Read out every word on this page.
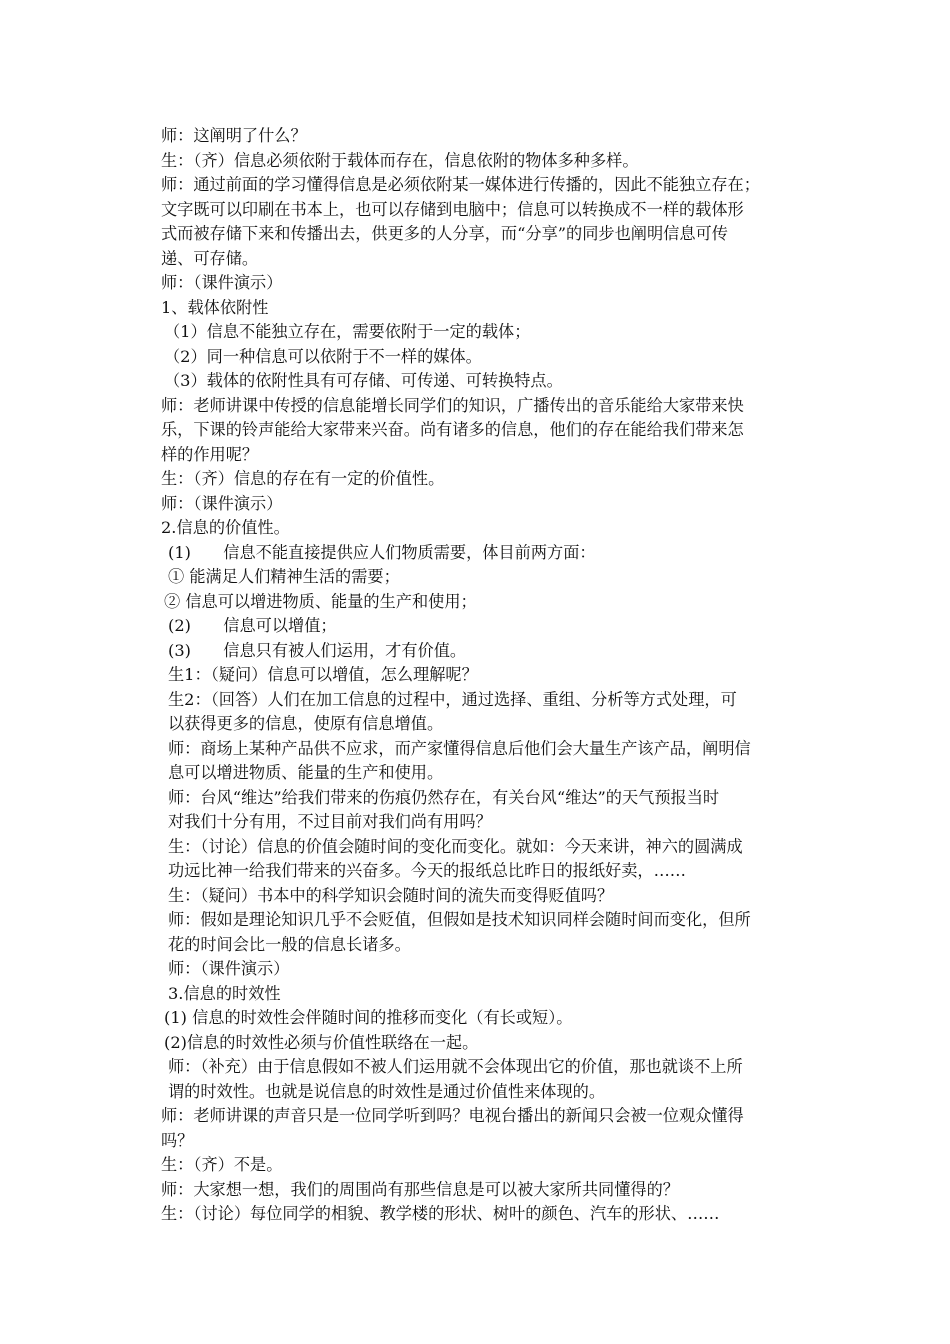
师：这阐明了什么？
生：（齐）信息必须依附于载体而存在，信息依附的物体多种多样。
师：通过前面的学习懂得信息是必须依附某一媒体进行传播的，因此不能独立存在；
文字既可以印刷在书本上，也可以存储到电脑中；信息可以转换成不一样的载体形
式而被存储下来和传播出去，供更多的人分享，而“分享”的同步也阐明信息可传
递、可存储。
师：（课件演示）
1、载体依附性
（1）信息不能独立存在，需要依附于一定的载体；
（2）同一种信息可以依附于不一样的媒体。
（3）载体的依附性具有可存储、可传递、可转换特点。
师：老师讲课中传授的信息能增长同学们的知识，广播传出的音乐能给大家带来快
乐，下课的铃声能给大家带来兴奋。尚有诸多的信息，他们的存在能给我们带来怎
样的作用呢？
生：（齐）信息的存在有一定的价值性。
师：（课件演示）
2.信息的价值性。
(1)　　信息不能直接提供应人们物质需要，体目前两方面：
① 能满足人们精神生活的需要；
② 信息可以增进物质、能量的生产和使用；
(2)　　信息可以增值；
(3)　　信息只有被人们运用，才有价值。
生1：（疑问）信息可以增值，怎么理解呢？
生2：（回答）人们在加工信息的过程中，通过选择、重组、分析等方式处理，可
以获得更多的信息，使原有信息增值。
师：商场上某种产品供不应求，而产家懂得信息后他们会大量生产该产品，阐明信
息可以增进物质、能量的生产和使用。
师：台风“维达”给我们带来的伤痕仍然存在，有关台风“维达”的天气预报当时
对我们十分有用，不过目前对我们尚有用吗？
生：（讨论）信息的价值会随时间的变化而变化。就如：今天来讲，神六的圆满成
功远比神一给我们带来的兴奋多。今天的报纸总比昨日的报纸好卖，……
生：（疑问）书本中的科学知识会随时间的流失而变得贬值吗？
师：假如是理论知识几乎不会贬值，但假如是技术知识同样会随时间而变化，但所
花的时间会比一般的信息长诸多。
师：（课件演示）
3.信息的时效性
(1) 信息的时效性会伴随时间的推移而变化（有长或短）。
(2)信息的时效性必须与价值性联络在一起。
师：（补充）由于信息假如不被人们运用就不会体现出它的价值，那也就谈不上所
谓的时效性。也就是说信息的时效性是通过价值性来体现的。
师：老师讲课的声音只是一位同学听到吗？电视台播出的新闻只会被一位观众懂得
吗？
生：（齐）不是。
师：大家想一想，我们的周围尚有那些信息是可以被大家所共同懂得的？
生：（讨论）每位同学的相貌、教学楼的形状、树叶的颜色、汽车的形状、……
